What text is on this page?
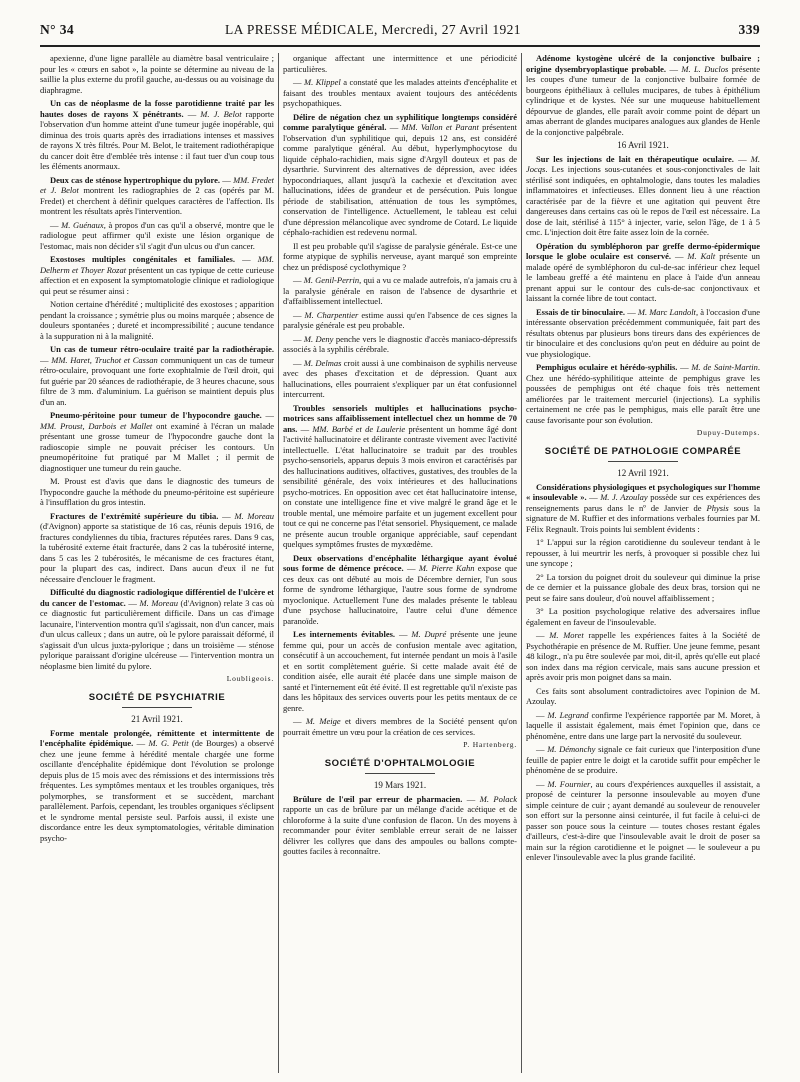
N° 34	LA PRESSE MÉDICALE, Mercredi, 27 Avril 1921	339

apexienne, d'une ligne parallèle au diamètre basal ventriculaire ; pour les « cœurs en sabot », la pointe se détermine au niveau de la saillie la plus externe du profil gauche, au-dessus ou au voisinage du diaphragme.

Un cas de néoplasme de la fosse parotidienne traité par les hautes doses de rayons X pénétrants. — M. J. Belot rapporte l'observation d'un homme atteint d'une tumeur jugée inopérable, qui diminua des trois quarts après des irradiations intenses et massives de rayons X très filtrés. Pour M. Belot, le traitement radiothérapique du cancer doit être d'emblée très intense : il faut tuer d'un coup tous les éléments anormaux.

Deux cas de sténose hypertrophique du pylore. — MM. Fredet et J. Belot montrent les radiographies de 2 cas (opérés par M. Fredet) et cherchent à définir quelques caractères de l'affection. Ils montrent les résultats après l'intervention.

— M. Guénaux, à propos d'un cas qu'il a observé, montre que le radiologue peut affirmer qu'il existe une lésion organique de l'estomac, mais non décider s'il s'agit d'un ulcus ou d'un cancer.

Exostoses multiples congénitales et familiales. — MM. Delherm et Thoyer Rozat présentent un cas typique de cette curieuse affection et en exposent la symptomatologie clinique et radiologique qui peut se résumer ainsi :

Notion certaine d'hérédité ; multiplicité des exostoses ; apparition pendant la croissance ; symétrie plus ou moins marquée ; absence de douleurs spontanées ; dureté et incompressibilité ; aucune tendance à la suppuration ni à la malignité.

Un cas de tumeur rétro-oculaire traité par la radiothérapie. — MM. Haret, Truchot et Cassan communiquent un cas de tumeur rétro-oculaire, provoquant une forte exophtalmie de l'œil droit, qui fut guérie par 20 séances de radiothérapie, de 3 heures chacune, sous filtre de 3 mm. d'aluminium. La guérison se maintient depuis plus d'un an.

Pneumo-péritoine pour tumeur de l'hypocondre gauche. — MM. Proust, Darbois et Mallet ont examiné à l'écran un malade présentant une grosse tumeur de l'hypocondre gauche dont la radioscopie simple ne pouvait préciser les contours. Un pneumopéritoine fut pratiqué par M Mallet ; il permit de diagnostiquer une tumeur du rein gauche.

M. Proust est d'avis que dans le diagnostic des tumeurs de l'hypocondre gauche la méthode du pneumo-péritoine est supérieure à l'insufflation du gros intestin.

Fractures de l'extrémité supérieure du tibia. — M. Moreau (d'Avignon) apporte sa statistique de 16 cas, réunis depuis 1916, de fractures condyliennes du tibia, fractures réputées rares. Dans 9 cas, la tubérosité externe était fracturée, dans 2 cas la tubérosité interne, dans 5 cas les 2 tubérosités, le mécanisme de ces fractures étant, pour la plupart des cas, indirect. Dans aucun d'eux il ne fut nécessaire d'enclouer le fragment.

Difficulté du diagnostic radiologique différentiel de l'ulcère et du cancer de l'estomac. — M. Moreau (d'Avignon) relate 3 cas où ce diagnostic fut particulièrement difficile. Dans un cas d'image lacunaire, l'intervention montra qu'il s'agissait, non d'un cancer, mais d'un ulcus calleux ; dans un autre, où le pylore paraissait déformé, il s'agissait d'un ulcus juxta-pylorique ; dans un troisième — sténose pylorique paraissant d'origine ulcéreuse — l'intervention montra un néoplasme bien limité du pylore.

Loubligeois.

SOCIÉTÉ DE PSYCHIATRIE

21 Avril 1921.

Forme mentale prolongée, rémittente et intermittente de l'encéphalite épidémique. — M. G. Petit (de Bourges) a observé chez une jeune femme à hérédité mentale chargée une forme oscillante d'encéphalite épidémique dont l'évolution se prolonge depuis plus de 15 mois avec des rémissions et des intermissions très fréquentes. Les symptômes mentaux et les troubles organiques, très polymorphes, se transforment et se succèdent, marchant parallèlement. Parfois, cependant, les troubles organiques s'éclipsent et le syndrome mental persiste seul. Parfois aussi, il existe une discordance entre les deux symptomatologies, véritable dimination psycho-

organique affectant une intermittence et une périodicité particulières.

— M. Klippel a constaté que les malades atteints d'encéphalite et faisant des troubles mentaux avaient toujours des antécédents psychopathiques.

Délire de négation chez un syphilitique longtemps considéré comme paralytique général. — MM. Vallon et Parant présentent l'observation d'un syphilitique qui, depuis 12 ans, est considéré comme paralytique général. Au début, hyperlymphocytose du liquide céphalo-rachidien, mais signe d'Argyll douteux et pas de dysarthrie. Survinrent des alternatives de dépression, avec idées hypocondriaques, allant jusqu'à la cachexie et d'excitation avec hallucinations, idées de grandeur et de persécution. Puis longue période de stabilisation, atténuation de tous les symptômes, conservation de l'intelligence. Actuellement, le tableau est celui d'une dépression mélancolique avec syndrome de Cotard. Le liquide céphalo-rachidien est redevenu normal.

Il est peu probable qu'il s'agisse de paralysie générale. Est-ce une forme atypique de syphilis nerveuse, ayant marqué son empreinte chez un prédisposé cyclothymique ?

— M. Genil-Perrin, qui a vu ce malade autrefois, n'a jamais cru à la paralysie générale en raison de l'absence de dysarthrie et d'affaiblissement intellectuel.

— M. Charpentier estime aussi qu'en l'absence de ces signes la paralysie générale est peu probable.

— M. Deny penche vers le diagnostic d'accès maniaco-dépressifs associés à la syphilis cérébrale.

— M. Delmas croit aussi à une combinaison de syphilis nerveuse avec des phases d'excitation et de dépression. Quant aux hallucinations, elles pourraient s'expliquer par un état confusionnel intercurrent.

Troubles sensoriels multiples et hallucinations psycho-motrices sans affaiblissement intellectuel chez un homme de 70 ans. — MM. Barbé et de Laulerie présentent un homme âgé dont l'activité hallucinatoire et délirante contraste vivement avec l'activité intellectuelle. L'état hallucinatoire se traduit par des troubles psycho-sensoriels, apparus depuis 3 mois environ et caractérisés par des hallucinations auditives, olfactives, gustatives, des troubles de la sensibilité générale, des voix intérieures et des hallucinations psycho-motrices. En opposition avec cet état hallucinatoire intense, on constate une intelligence fine et vive malgré le grand âge et le trouble mental, une mémoire parfaite et un jugement excellent pour tout ce qui ne concerne pas l'état sensoriel. Physiquement, ce malade ne présente aucun trouble organique appréciable, sauf cependant quelques symptômes frustes de myxœdème.

Deux observations d'encéphalite léthargique ayant évolué sous forme de démence précoce. — M. Pierre Kahn expose que ces deux cas ont débuté au mois de Décembre dernier, l'un sous forme de syndrome léthargique, l'autre sous forme de syndrome myoclonique. Actuellement l'une des malades présente le tableau d'une psychose hallucinatoire, l'autre celui d'une démence paranoïde.

Les internements évitables. — M. Dupré présente une jeune femme qui, pour un accès de confusion mentale avec agitation, consécutif à un accouchement, fut internée pendant un mois à l'asile et en sortit complètement guérie. Si cette malade avait été de condition aisée, elle aurait été placée dans une simple maison de santé et l'internement eût été évité. Il est regrettable qu'il n'existe pas dans les hôpitaux des services ouverts pour les petits mentaux de ce genre.

— M. Meige et divers membres de la Société pensent qu'on pourrait émettre un vœu pour la création de ces services.

P. Hartenberg.

SOCIÉTÉ D'OPHTALMOLOGIE

19 Mars 1921.

Brûlure de l'œil par erreur de pharmacien. — M. Polack rapporte un cas de brûlure par un mélange d'acide acétique et de chloroforme à la suite d'une confusion de flacon. Un des moyens à recommander pour éviter semblable erreur serait de ne laisser délivrer les collyres que dans des ampoules ou ballons compte-gouttes faciles à reconnaître.

Adénome kystogène ulcéré de la conjonctive bulbaire ; origine dysembryoplastique probable. — M. L. Duclos présente les coupes d'une tumeur de la conjonctive bulbaire formée de bourgeons épithéliaux à cellules mucipares, de tubes à épithélium cylindrique et de kystes. Née sur une muqueuse habituellement dépourvue de glandes, elle paraît avoir comme point de départ un amas aberrant de glandes mucipares analogues aux glandes de Henle de la conjonctive palpébrale.

16 Avril 1921.

Sur les injections de lait en thérapeutique oculaire. — M. Jocqs. Les injections sous-cutanées et sous-conjonctivales de lait stérilisé sont indiquées, en ophtalmologie, dans toutes les maladies inflammatoires et infectieuses. Elles donnent lieu à une réaction caractérisée par de la fièvre et une agitation qui peuvent être dangereuses dans certains cas où le repos de l'œil est nécessaire. La dose de lait, stérilisé à 115° à injecter, varie, selon l'âge, de 1 à 5 cmc. L'injection doit être faite assez loin de la cornée.

Opération du symbléphoron par greffe dermo-épidermique lorsque le globe oculaire est conservé. — M. Kalt présente un malade opéré de symbléphoron du cul-de-sac inférieur chez lequel le lambeau greffé a été maintenu en place à l'aide d'un anneau prenant appui sur le contour des culs-de-sac conjonctivaux et laissant la cornée libre de tout contact.

Essais de tir binoculaire. — M. Marc Landolt, à l'occasion d'une intéressante observation précédemment communiquée, fait part des résultats obtenus par plusieurs bons tireurs dans des expériences de tir binoculaire et des conclusions qu'on peut en déduire au point de vue physiologique.

Pemphigus oculaire et hérédo-syphilis. — M. de Saint-Martin. Chez une hérédo-syphilitique atteinte de pemphigus grave les poussées de pemphigus ont été chaque fois très nettement améliorées par le traitement mercuriel (injections). La syphilis certainement ne crée pas le pemphigus, mais elle paraît être une cause favorisante pour son évolution.

Dupuy-Dutemps.

SOCIÉTÉ DE PATHOLOGIE COMPARÉE

12 Avril 1921.

Considérations physiologiques et psychologiques sur l'homme « insoulevable ». — M. J. Azoulay possède sur ces expériences des renseignements parus dans le nº de Janvier de Physis sous la signature de M. Ruffier et des informations verbales fournies par M. Félix Regnault. Trois points lui semblent évidents :

1° L'appui sur la région carotidienne du souleveur tendant à le repousser, à lui meurtrir les nerfs, à provoquer si possible chez lui une syncope ;

2° La torsion du poignet droit du souleveur qui diminue la prise de ce dernier et la puissance globale des deux bras, torsion qui ne peut se faire sans douleur, d'où nouvel affaiblissement ;

3° La position psychologique relative des adversaires influe également en faveur de l'insoulevable.

— M. Moret rappelle les expériences faites à la Société de Psychothérapie en présence de M. Ruffier. Une jeune femme, pesant 48 kilogr., n'a pu être soulevée par moi, dit-il, après qu'elle eut placé son index dans ma région cervicale, mais sans aucune pression et après avoir pris mon poignet dans sa main.

Ces faits sont absolument contradictoires avec l'opinion de M. Azoulay.

— M. Legrand confirme l'expérience rapportée par M. Moret, à laquelle il assistait également, mais émet l'opinion que, dans ce phénomène, entre dans une large part la nervosité du souleveur.

— M. Démonchy signale ce fait curieux que l'interposition d'une feuille de papier entre le doigt et la carotide suffit pour empêcher le phénomène de se produire.

— M. Fournier, au cours d'expériences auxquelles il assistait, a proposé de ceinturer la personne insoulevable au moyen d'une simple ceinture de cuir ; ayant demandé au souleveur de renouveler son effort sur la personne ainsi ceinturée, il fut facile à celui-ci de passer son pouce sous la ceinture — toutes choses restant égales d'ailleurs, c'est-à-dire que l'insoulevable avait le droit de poser sa main sur la région carotidienne et le poignet — le souleveur a pu enlever l'insoulevable avec la plus grande facilité.
